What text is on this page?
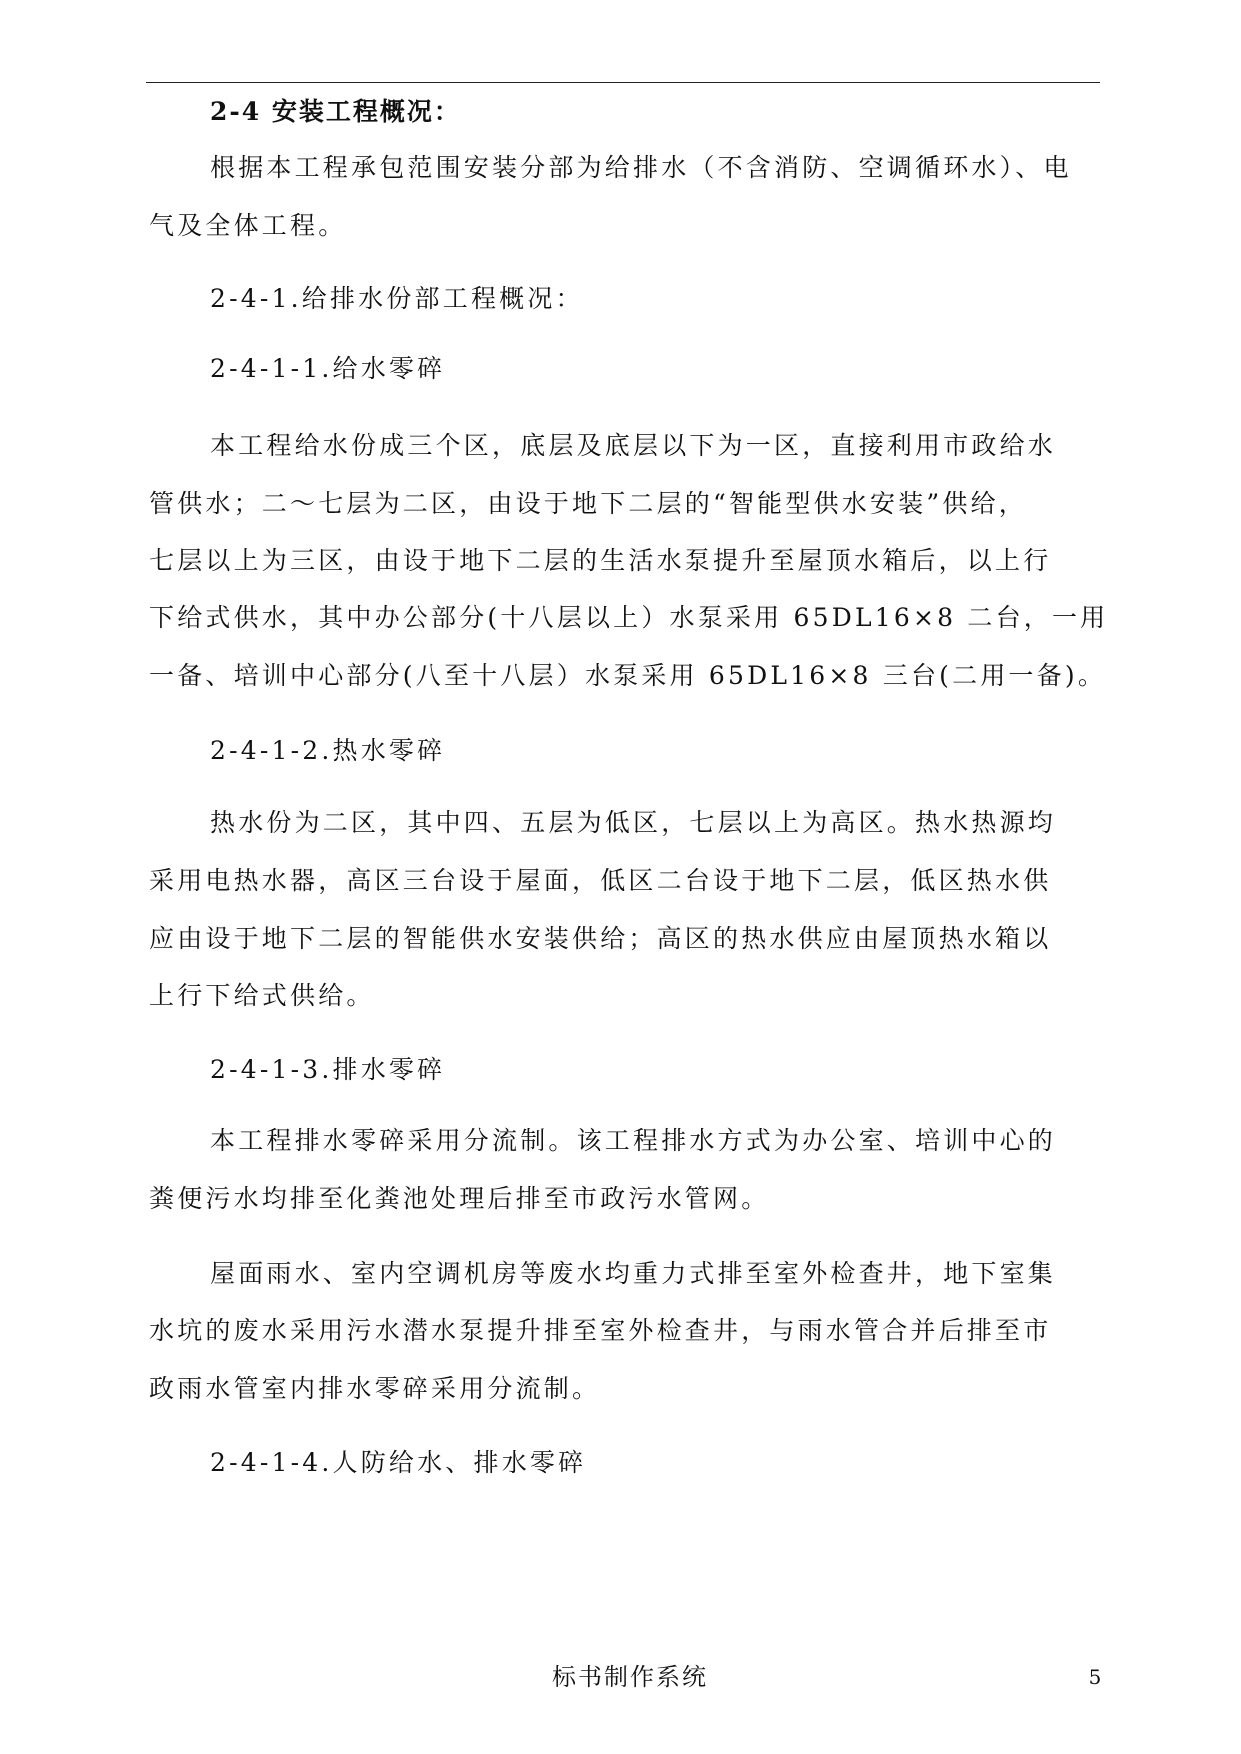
2-4 安装工程概况：
根据本工程承包范围安装分部为给排水（不含消防、空调循环水）、电
气及全体工程。
2-4-1.给排水份部工程概况：
2-4-1-1.给水零碎
本工程给水份成三个区，底层及底层以下为一区，直接利用市政给水
管供水；二～七层为二区，由设于地下二层的“智能型供水安装”供给，
七层以上为三区，由设于地下二层的生活水泵提升至屋顶水箱后，以上行
下给式供水，其中办公部分(十八层以上）水泵采用 65DL16×8 二台，一用
一备、培训中心部分(八至十八层）水泵采用 65DL16×8 三台(二用一备)。
2-4-1-2.热水零碎
热水份为二区，其中四、五层为低区，七层以上为高区。热水热源均
采用电热水器，高区三台设于屋面，低区二台设于地下二层，低区热水供
应由设于地下二层的智能供水安装供给；高区的热水供应由屋顶热水箱以
上行下给式供给。
2-4-1-3.排水零碎
本工程排水零碎采用分流制。该工程排水方式为办公室、培训中心的
粪便污水均排至化粪池处理后排至市政污水管网。
屋面雨水、室内空调机房等废水均重力式排至室外检查井，地下室集
水坑的废水采用污水潜水泵提升排至室外检查井，与雨水管合并后排至市
政雨水管室内排水零碎采用分流制。
2-4-1-4.人防给水、排水零碎
标书制作系统	5
